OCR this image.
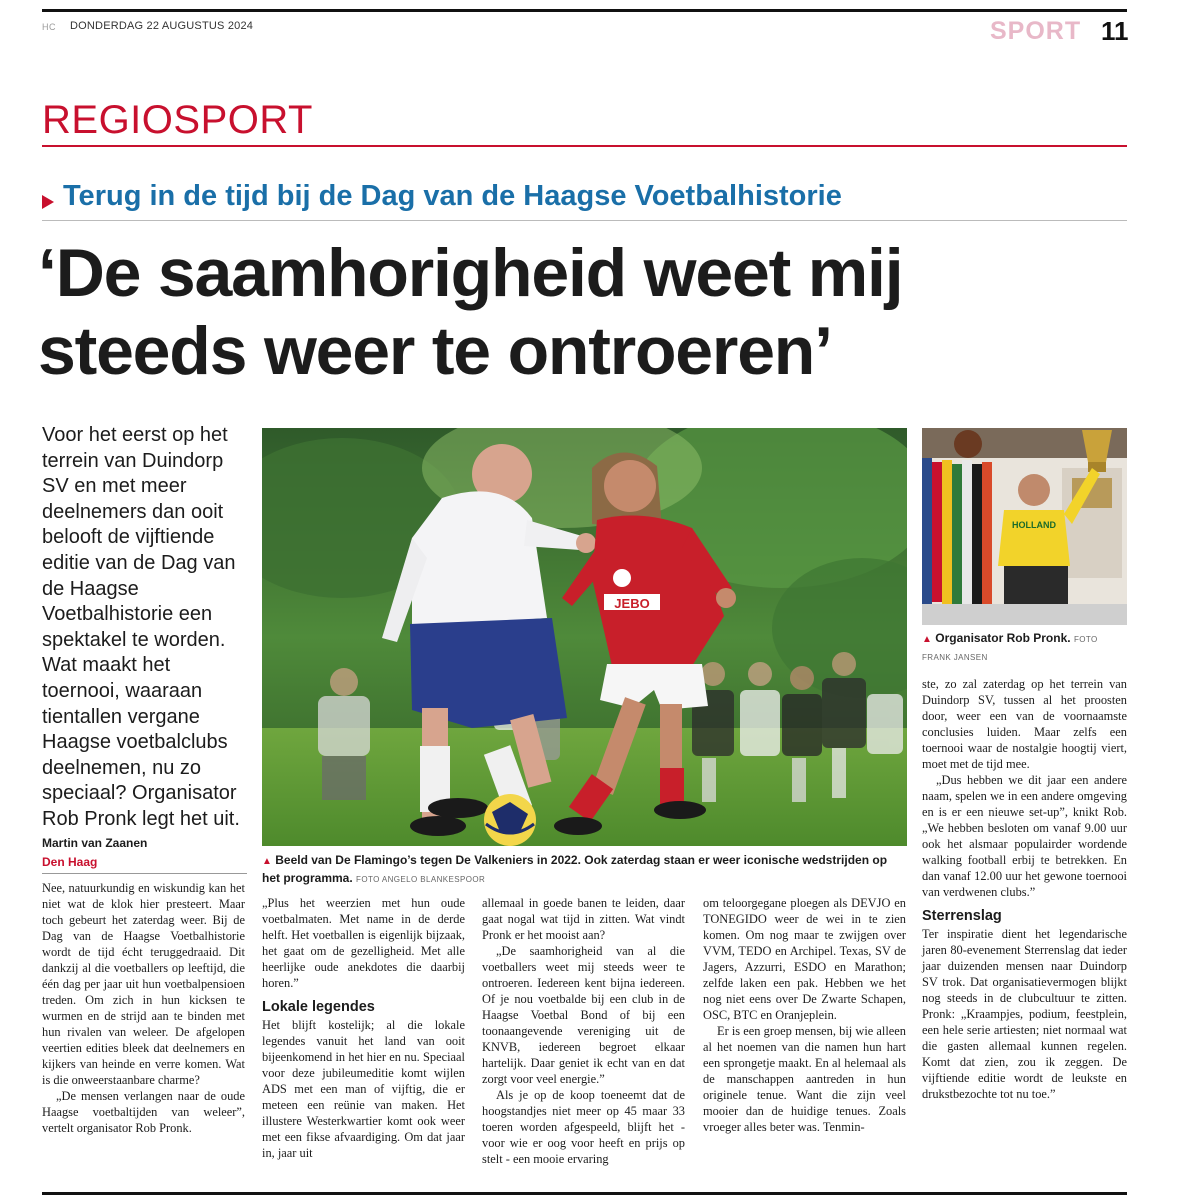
HC DONDERDAG 22 AUGUSTUS 2024	SPORT 11
REGIOSPORT
Terug in de tijd bij de Dag van de Haagse Voetbalhistorie
‘De saamhorigheid weet mij
steeds weer te ontroeren’
Voor het eerst op het terrein van Duindorp SV en met meer deelnemers dan ooit belooft de vijftiende editie van de Dag van de Haagse Voetbalhistorie een spektakel te worden. Wat maakt het toernooi, waaraan tientallen vergane Haagse voetbalclubs deelnemen, nu zo speciaal? Organisator Rob Pronk legt het uit.
JEBO
▲ Beeld van De Flamingo’s tegen De Valkeniers in 2022. Ook zaterdag staan er weer iconische wedstrijden op het programma. FOTO ANGELO BLANKESPOOR
HOLLAND
▲ Organisator Rob Pronk. FOTO
FRANK JANSEN
Martin van Zaanen
Den Haag

Nee, natuurkundig en wiskundig kan het niet wat de klok hier presteert. Maar toch gebeurt het zaterdag weer. Bij de Dag van de Haagse Voetbalhistorie wordt de tijd écht teruggedraaid. Dit dankzij al die voetballers op leeftijd, die één dag per jaar uit hun voetbalpensioen treden. Om zich in hun kicksen te wurmen en de strijd aan te binden met hun rivalen van weleer. De afgelopen veertien edities bleek dat deelnemers en kijkers van heinde en verre komen. Wat is die onweerstaanbare charme?

„De mensen verlangen naar de oude Haagse voetbaltijden van weleer”, vertelt organisator Rob Pronk.

„Plus het weerzien met hun oude voetbalmaten. Met name in de derde helft. Het voetballen is eigenlijk bijzaak, het gaat om de gezelligheid. Met alle heerlijke oude anekdotes die daarbij horen.”

Lokale legendes

Het blijft kostelijk; al die lokale legendes vanuit het land van ooit bijeenkomend in het hier en nu. Speciaal voor deze jubileumeditie komt wijlen ADS met een man of vijftig, die er meteen een reünie van maken. Het illustere Westerkwartier komt ook weer met een fikse afvaardiging. Om dat jaar in, jaar uit

allemaal in goede banen te leiden, daar gaat nogal wat tijd in zitten. Wat vindt Pronk er het mooist aan?

„De saamhorigheid van al die voetballers weet mij steeds weer te ontroeren. Iedereen kent bijna iedereen. Of je nou voetbalde bij een club in de Haagse Voetbal Bond of bij een toonaangevende vereniging uit de KNVB, iedereen begroet elkaar hartelijk. Daar geniet ik echt van en dat zorgt voor veel energie.”

Als je op de koop toeneemt dat de hoogstandjes niet meer op 45 maar 33 toeren worden afgespeeld, blijft het - voor wie er oog voor heeft en prijs op stelt - een mooie ervaring

om teloorgegane ploegen als DEVJO en TONEGIDO weer de wei in te zien komen. Om nog maar te zwijgen over VVM, TEDO en Archipel. Texas, SV de Jagers, Azzurri, ESDO en Marathon; zelfde laken een pak. Hebben we het nog niet eens over De Zwarte Schapen, OSC, BTC en Oranjeplein.

Er is een groep mensen, bij wie alleen al het noemen van die namen hun hart een sprongetje maakt. En al helemaal als de manschappen aantreden in hun originele tenue. Want die zijn veel mooier dan de huidige tenues. Zoals vroeger alles beter was. Tenmin-

ste, zo zal zaterdag op het terrein van Duindorp SV, tussen al het proosten door, weer een van de voornaamste conclusies luiden. Maar zelfs een toernooi waar de nostalgie hoogtij viert, moet met de tijd mee.

„Dus hebben we dit jaar een andere naam, spelen we in een andere omgeving en is er een nieuwe set-up”, knikt Rob. „We hebben besloten om vanaf 9.00 uur ook het alsmaar populairder wordende walking football erbij te betrekken. En dan vanaf 12.00 uur het gewone toernooi van verdwenen clubs.”

Sterrenslag

Ter inspiratie dient het legendarische jaren 80-evenement Sterrenslag dat ieder jaar duizenden mensen naar Duindorp SV trok. Dat organisatievermogen blijkt nog steeds in de clubcultuur te zitten. Pronk: „Kraampjes, podium, feestplein, een hele serie artiesten; niet normaal wat die gasten allemaal kunnen regelen. Komt dat zien, zou ik zeggen. De vijftiende editie wordt de leukste en drukstbezochte tot nu toe.”
